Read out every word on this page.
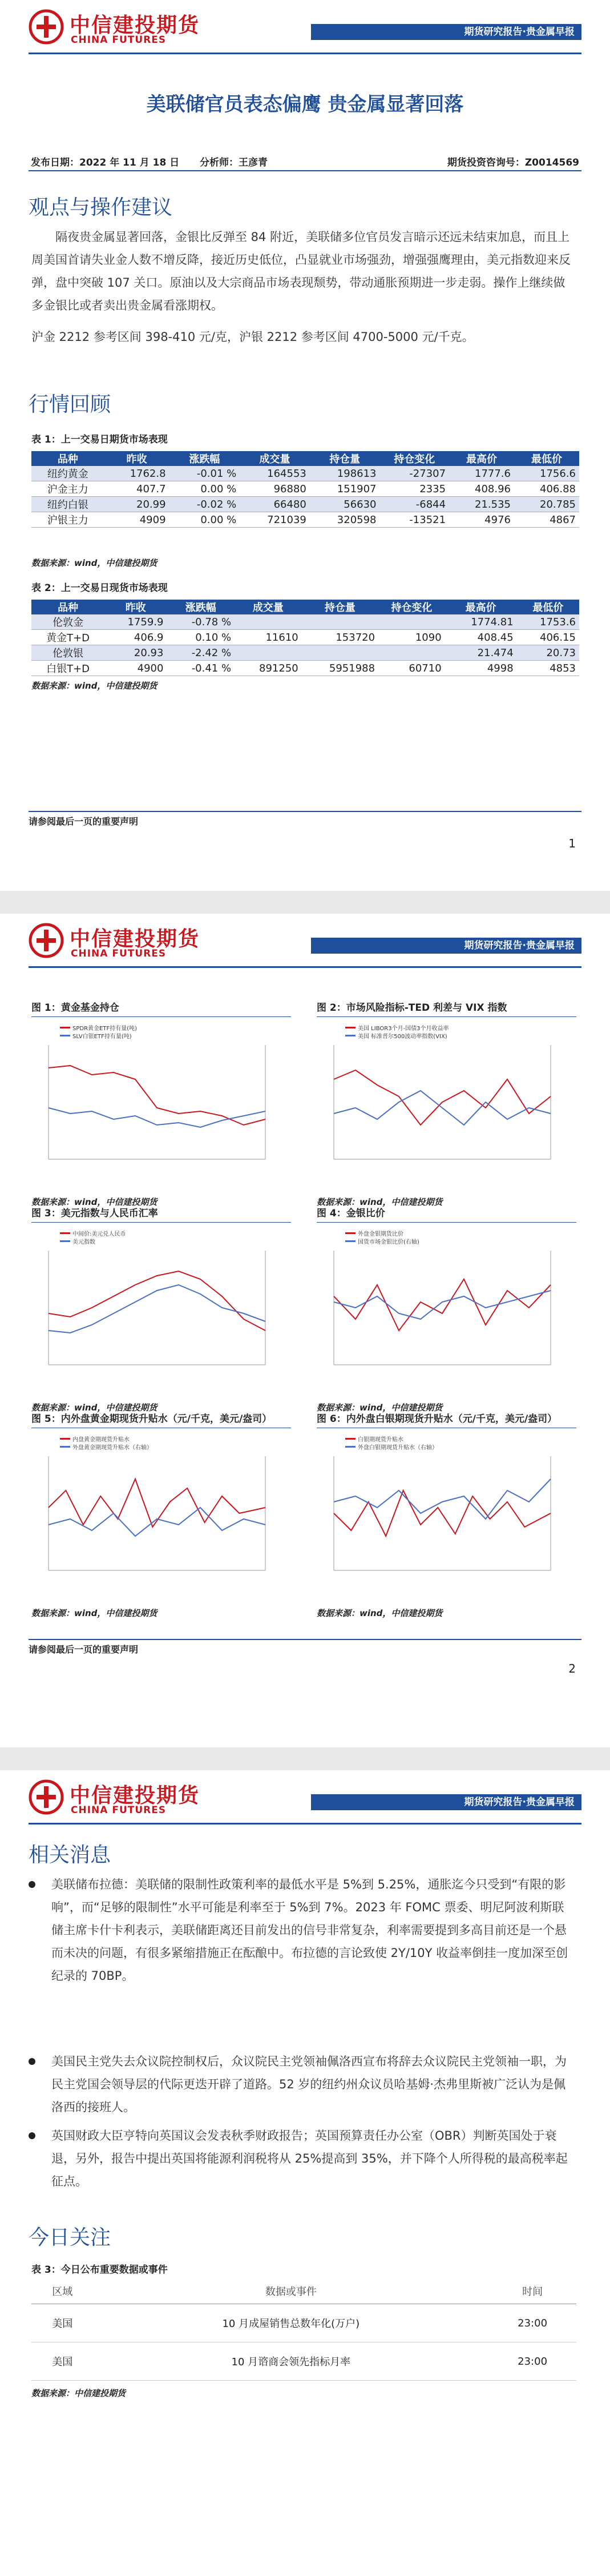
中信建投期货
CHINA FUTURES
期货研究报告·贵金属早报
美联储官员表态偏鹰 贵金属显著回落
发布日期：2022 年 11 月 18 日 分析师：王彦青	期货投资咨询号：Z0014569
观点与操作建议
隔夜贵金属显著回落，金银比反弹至 84 附近，美联储多位官员发言暗示还远未结束加息，而且上周美国首请失业金人数不增反降，接近历史低位，凸显就业市场强劲，增强强鹰理由，美元指数迎来反弹，盘中突破 107 关口。原油以及大宗商品市场表现颓势，带动通胀预期进一步走弱。操作上继续做多金银比或者卖出贵金属看涨期权。
沪金 2212 参考区间 398-410 元/克，沪银 2212 参考区间 4700-5000 元/千克。
行情回顾
表 1：上一交易日期货市场表现
品种	昨收	涨跌幅	成交量	持仓量	持仓变化	最高价	最低价
纽约黄金	1762.8	-0.01 %	164553	198613	-27307	1777.6	1756.6
沪金主力	407.7	0.00 %	96880	151907	2335	408.96	406.88
纽约白银	20.99	-0.02 %	66480	56630	-6844	21.535	20.785
沪银主力	4909	0.00 %	721039	320598	-13521	4976	4867
数据来源：wind，中信建投期货
表 2：上一交易日现货市场表现
品种	昨收	涨跌幅	成交量	持仓量	持仓变化	最高价	最低价
伦敦金	1759.9	-0.78 %				1774.81	1753.6
黄金T+D	406.9	0.10 %	11610	153720	1090	408.45	406.15
伦敦银	20.93	-2.42 %				21.474	20.73
白银T+D	4900	-0.41 %	891250	5951988	60710	4998	4853
数据来源：wind，中信建投期货
请参阅最后一页的重要声明
1
中信建投期货
CHINA FUTURES
期货研究报告·贵金属早报
图 1：黄金基金持仓
SPDR黄金ETF持有量(吨)
SLV白银ETF持有量(吨)
数据来源：wind，中信建投期货
图 2：市场风险指标-TED 利差与 VIX 指数
美国 LIBOR3个月-国债3个月收益率
美国 标准普尔500波动率指数(VIX)
数据来源：wind，中信建投期货
图 3：美元指数与人民币汇率
中间价:美元兑人民币
美元指数
数据来源：wind，中信建投期货
图 4：金银比价
外盘金银期货比价
国货市场金银比价(右轴)
数据来源：wind，中信建投期货
图 5：内外盘黄金期现货升贴水（元/千克，美元/盎司）
内盘黄金期现货升贴水
外盘黄金期现货升贴水（右轴）
数据来源：wind，中信建投期货
图 6：内外盘白银期现货升贴水（元/千克，美元/盎司）
白银期现货升贴水
外盘白银期现货升贴水（右轴）
数据来源：wind，中信建投期货
请参阅最后一页的重要声明
2
中信建投期货
CHINA FUTURES
期货研究报告·贵金属早报
相关消息
美联储布拉德：美联储的限制性政策利率的最低水平是 5%到 5.25%，通胀迄今只受到“有限的影响”，而“足够的限制性”水平可能是利率至于 5%到 7%。2023 年 FOMC 票委、明尼阿波利斯联储主席卡什卡利表示，美联储距离还目前发出的信号非常复杂，利率需要提到多高目前还是一个悬而未决的问题，有很多紧缩措施正在酝酿中。布拉德的言论致使 2Y/10Y 收益率倒挂一度加深至创纪录的 70BP。
美国民主党失去众议院控制权后，众议院民主党领袖佩洛西宣布将辞去众议院民主党领袖一职，为民主党国会领导层的代际更迭开辟了道路。52 岁的纽约州众议员哈基姆·杰弗里斯被广泛认为是佩洛西的接班人。
英国财政大臣亨特向英国议会发表秋季财政报告；英国预算责任办公室（OBR）判断英国处于衰退，另外，报告中提出英国将能源利润税将从 25%提高到 35%，并下降个人所得税的最高税率起征点。
今日关注
表 3：今日公布重要数据或事件
区域	数据或事件	时间
美国	10 月成屋销售总数年化(万户)	23:00
美国	10 月谘商会领先指标月率	23:00
数据来源：中信建投期货
